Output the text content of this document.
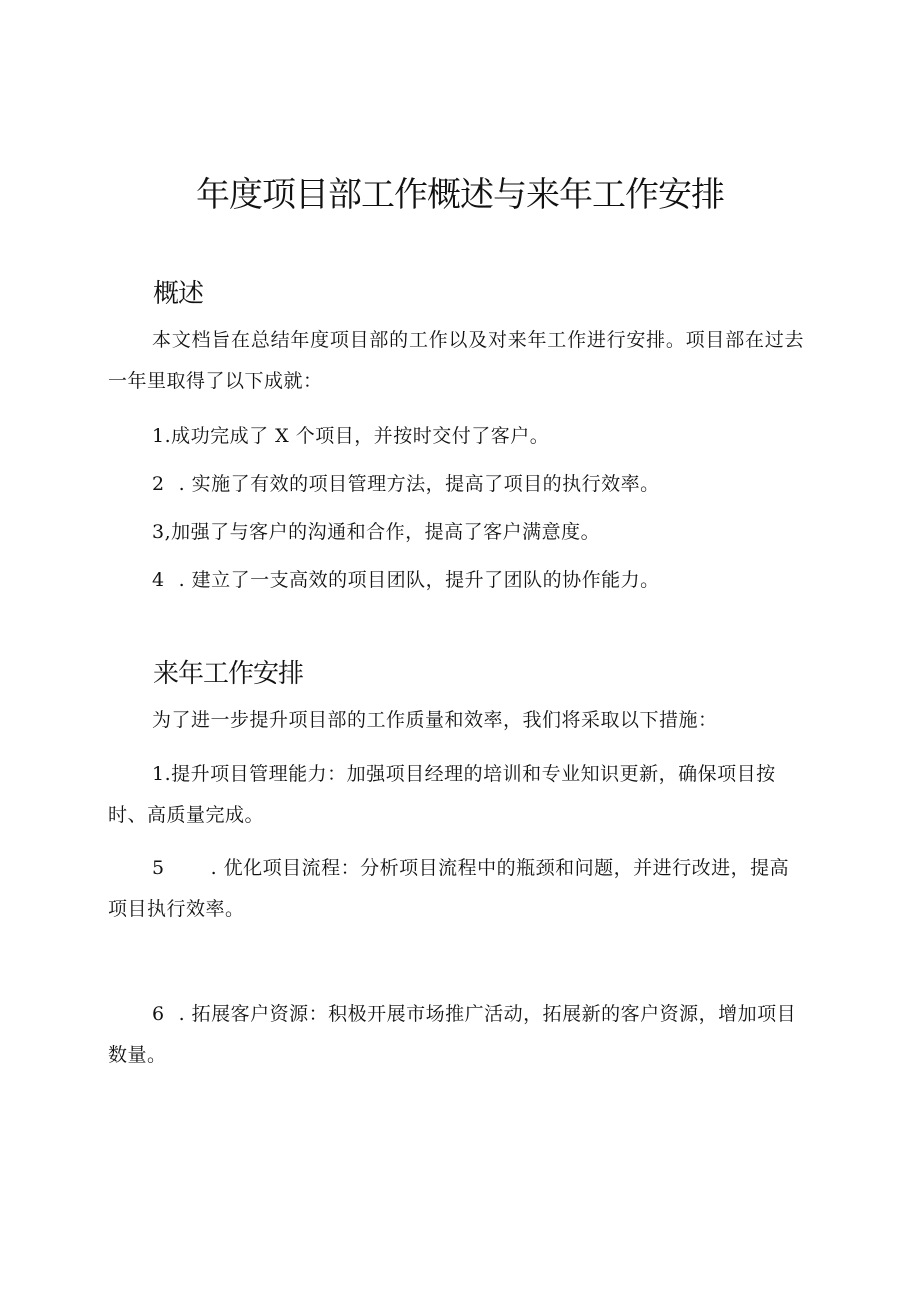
年度项目部工作概述与来年工作安排
概述

本文档旨在总结年度项目部的工作以及对来年工作进行安排。项目部在过去一年里取得了以下成就：

1.成功完成了 X 个项目，并按时交付了客户。

2 . 实施了有效的项目管理方法，提高了项目的执行效率。

3,加强了与客户的沟通和合作，提高了客户满意度。

4 . 建立了一支高效的项目团队，提升了团队的协作能力。

来年工作安排

为了进一步提升项目部的工作质量和效率，我们将采取以下措施：

1.提升项目管理能力：加强项目经理的培训和专业知识更新，确保项目按时、高质量完成。

5 . 优化项目流程：分析项目流程中的瓶颈和问题，并进行改进，提高项目执行效率。

6 . 拓展客户资源：积极开展市场推广活动，拓展新的客户资源，增加项目数量。
